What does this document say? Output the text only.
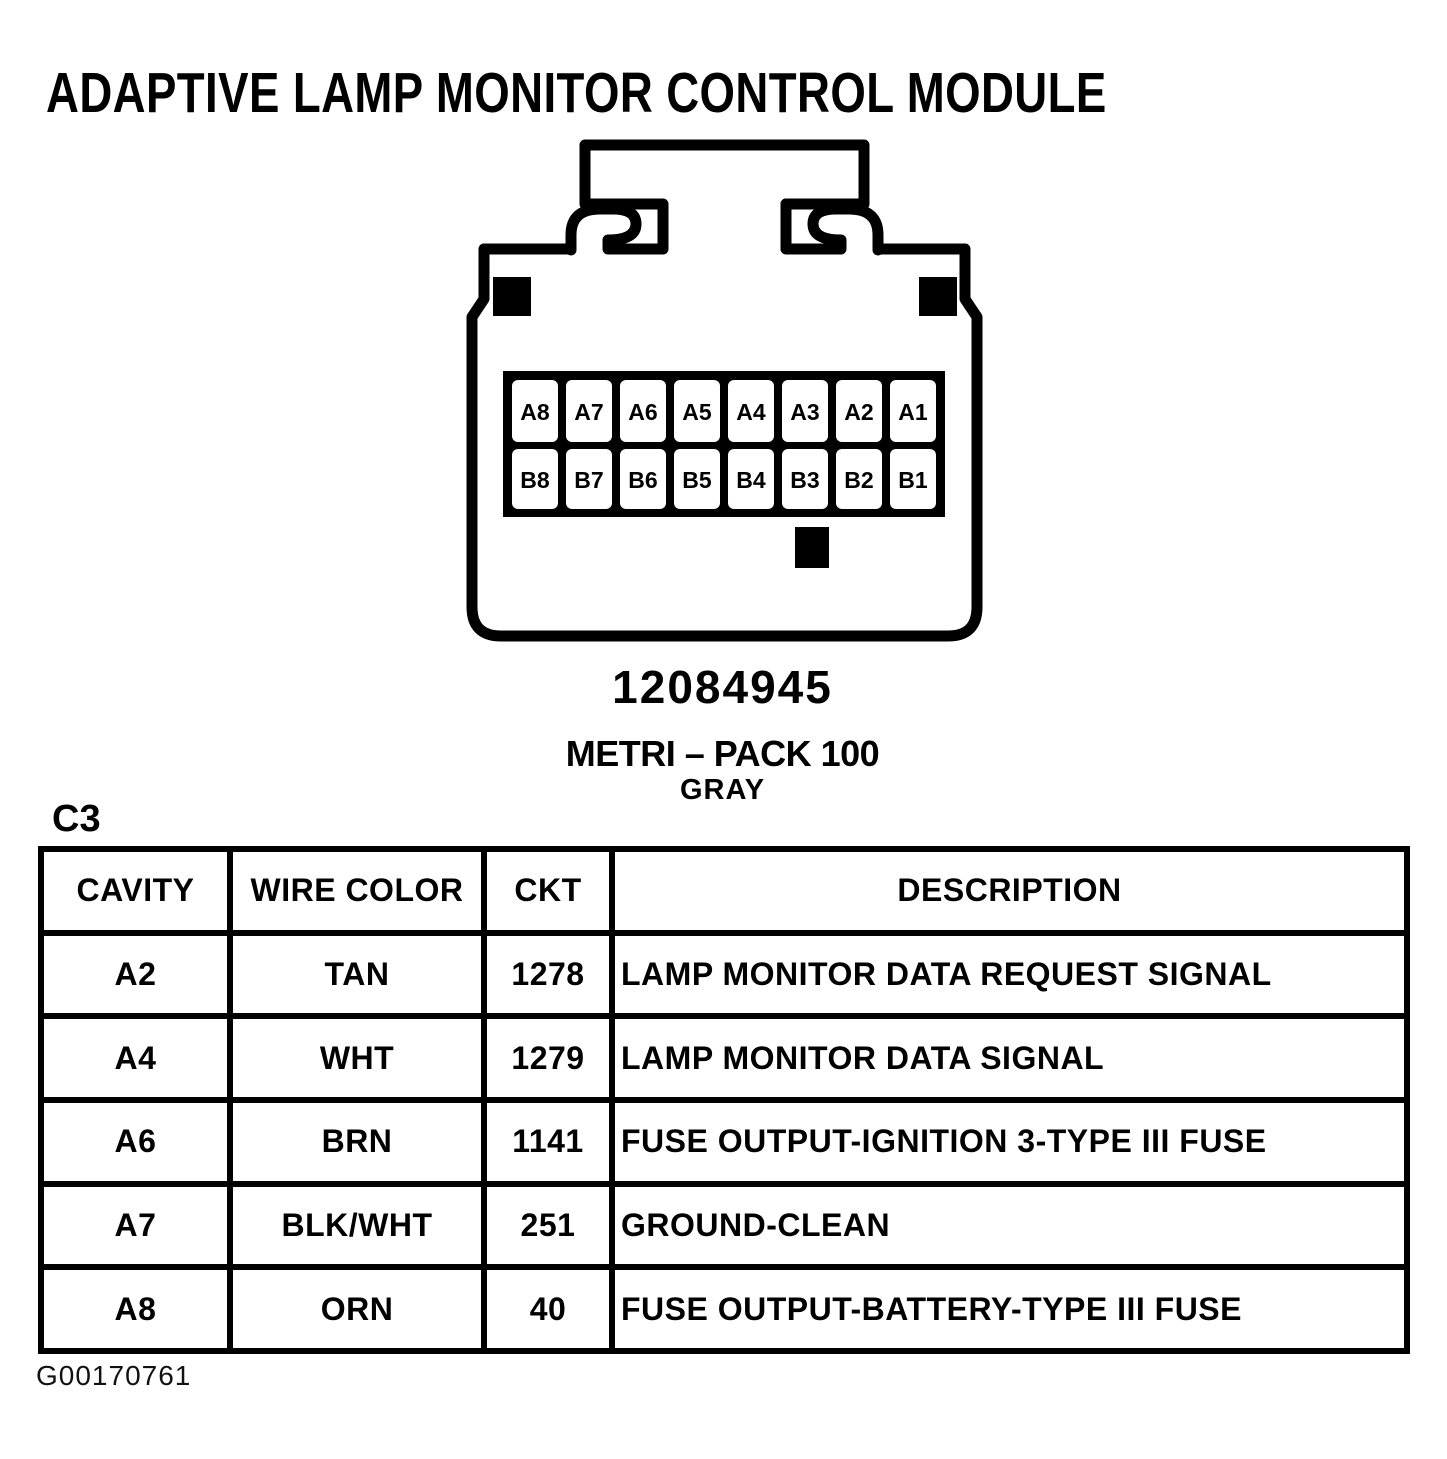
ADAPTIVE LAMP MONITOR CONTROL MODULE
A8 A7 A6 A5 A4 A3 A2 A1
B8 B7 B6 B5 B4 B3 B2 B1
12084945
METRI – PACK 100
GRAY
C3
CAVITY	WIRE COLOR	CKT	DESCRIPTION
A2	TAN	1278	LAMP MONITOR DATA REQUEST SIGNAL
A4	WHT	1279	LAMP MONITOR DATA SIGNAL
A6	BRN	1141	FUSE OUTPUT-IGNITION 3-TYPE III FUSE
A7	BLK/WHT	251	GROUND-CLEAN
A8	ORN	40	FUSE OUTPUT-BATTERY-TYPE III FUSE
G00170761
